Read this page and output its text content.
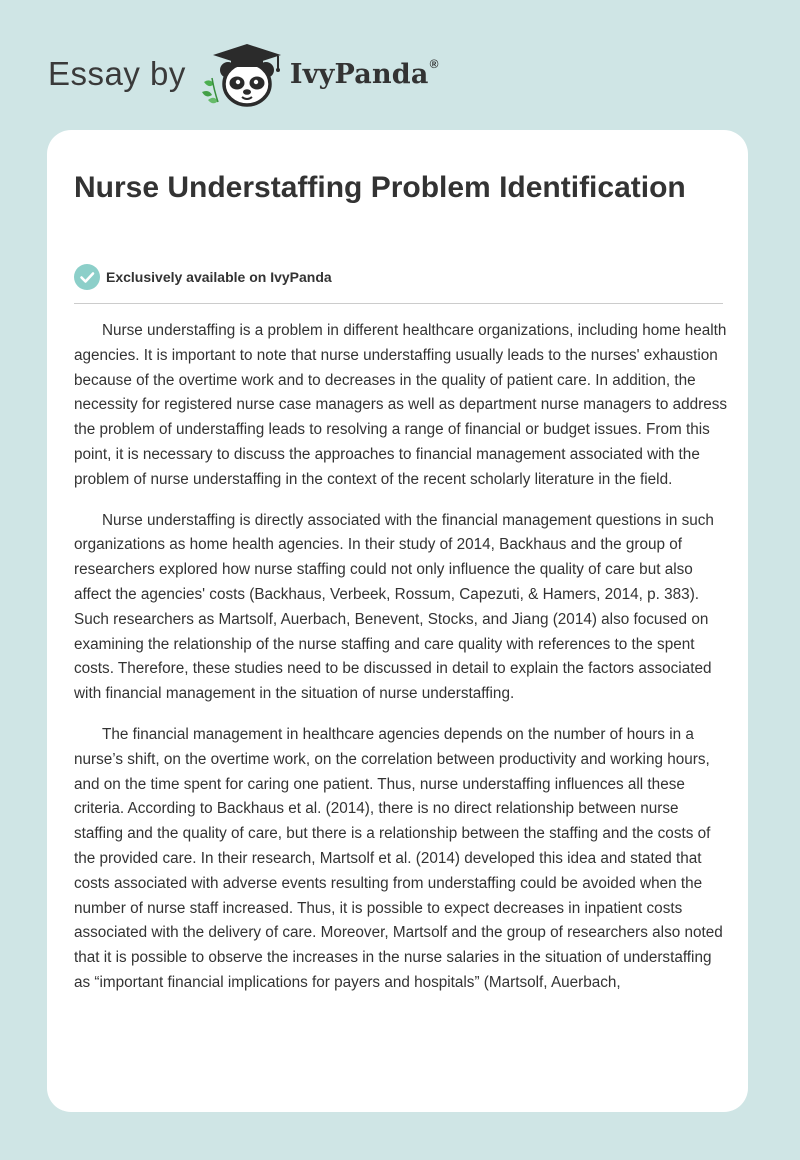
Essay by	IvyPanda®
Nurse Understaffing Problem Identification
Exclusively available on IvyPanda

Nurse understaffing is a problem in different healthcare organizations, including home health agencies. It is important to note that nurse understaffing usually leads to the nurses' exhaustion because of the overtime work and to decreases in the quality of patient care. In addition, the necessity for registered nurse case managers as well as department nurse managers to address the problem of understaffing leads to resolving a range of financial or budget issues. From this point, it is necessary to discuss the approaches to financial management associated with the problem of nurse understaffing in the context of the recent scholarly literature in the field.

Nurse understaffing is directly associated with the financial management questions in such organizations as home health agencies. In their study of 2014, Backhaus and the group of researchers explored how nurse staffing could not only influence the quality of care but also affect the agencies' costs (Backhaus, Verbeek, Rossum, Capezuti, & Hamers, 2014, p. 383). Such researchers as Martsolf, Auerbach, Benevent, Stocks, and Jiang (2014) also focused on examining the relationship of the nurse staffing and care quality with references to the spent costs. Therefore, these studies need to be discussed in detail to explain the factors associated with financial management in the situation of nurse understaffing.

The financial management in healthcare agencies depends on the number of hours in a nurse’s shift, on the overtime work, on the correlation between productivity and working hours, and on the time spent for caring one patient. Thus, nurse understaffing influences all these criteria. According to Backhaus et al. (2014), there is no direct relationship between nurse staffing and the quality of care, but there is a relationship between the staffing and the costs of the provided care. In their research, Martsolf et al. (2014) developed this idea and stated that costs associated with adverse events resulting from understaffing could be avoided when the number of nurse staff increased. Thus, it is possible to expect decreases in inpatient costs associated with the delivery of care. Moreover, Martsolf and the group of researchers also noted that it is possible to observe the increases in the nurse salaries in the situation of understaffing as “important financial implications for payers and hospitals” (Martsolf, Auerbach,
